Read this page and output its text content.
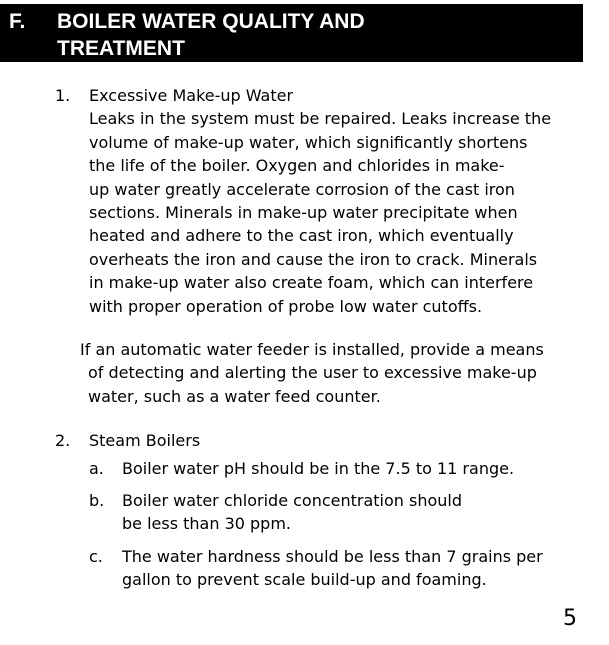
F. BOILER WATER QUALITY AND
TREATMENT
1. Excessive Make-up Water
Leaks in the system must be repaired. Leaks increase the
volume of make-up water, which significantly shortens
the life of the boiler. Oxygen and chlorides in make-
up water greatly accelerate corrosion of the cast iron
sections. Minerals in make-up water precipitate when
heated and adhere to the cast iron, which eventually
overheats the iron and cause the iron to crack. Minerals
in make-up water also create foam, which can interfere
with proper operation of probe low water cutoffs.
If an automatic water feeder is installed, provide a means
of detecting and alerting the user to excessive make-up
water, such as a water feed counter.
2. Steam Boilers
a. Boiler water pH should be in the 7.5 to 11 range.
b. Boiler water chloride concentration should
be less than 30 ppm.
c. The water hardness should be less than 7 grains per
gallon to prevent scale build-up and foaming.
5
